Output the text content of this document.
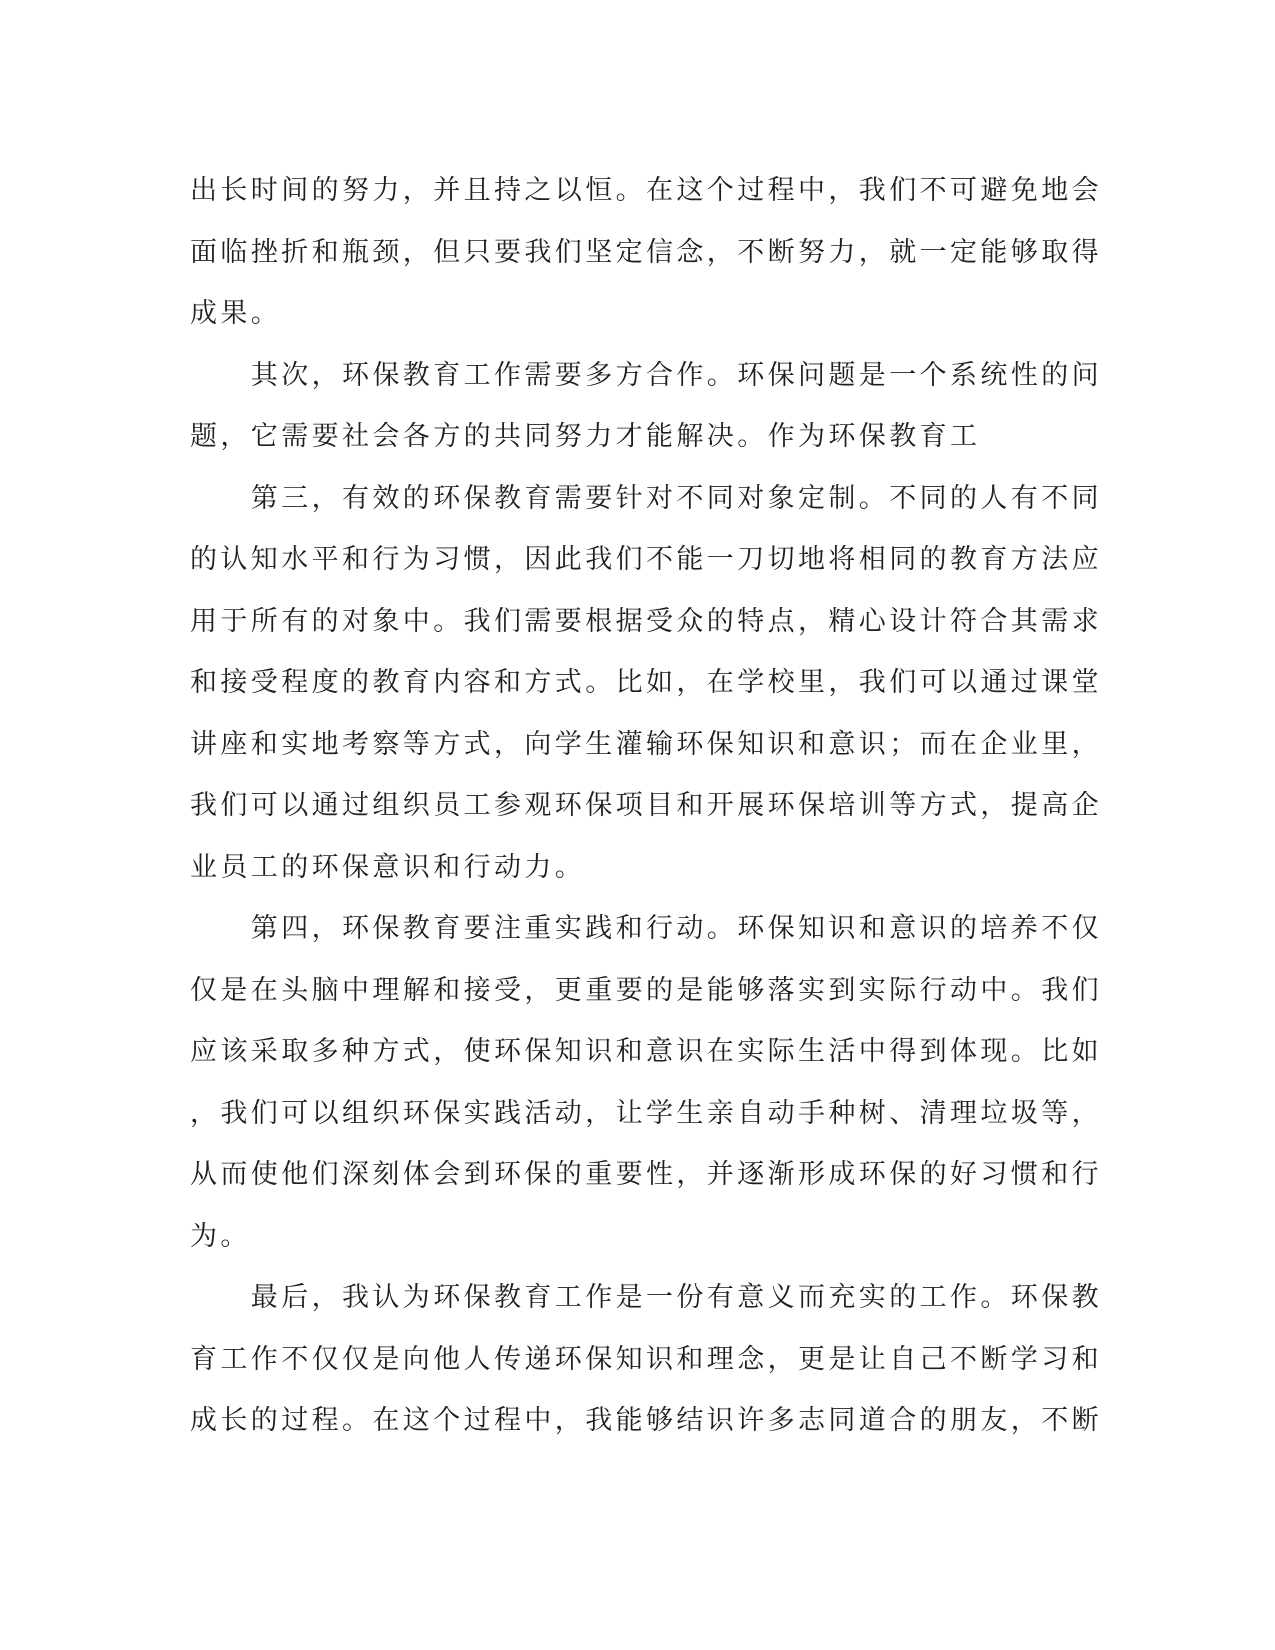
出长时间的努力，并且持之以恒。在这个过程中，我们不可避免地会
面临挫折和瓶颈，但只要我们坚定信念，不断努力，就一定能够取得
成果。
　　其次，环保教育工作需要多方合作。环保问题是一个系统性的问
题，它需要社会各方的共同努力才能解决。作为环保教育工
　　第三，有效的环保教育需要针对不同对象定制。不同的人有不同
的认知水平和行为习惯，因此我们不能一刀切地将相同的教育方法应
用于所有的对象中。我们需要根据受众的特点，精心设计符合其需求
和接受程度的教育内容和方式。比如，在学校里，我们可以通过课堂
讲座和实地考察等方式，向学生灌输环保知识和意识；而在企业里，
我们可以通过组织员工参观环保项目和开展环保培训等方式，提高企
业员工的环保意识和行动力。
　　第四，环保教育要注重实践和行动。环保知识和意识的培养不仅
仅是在头脑中理解和接受，更重要的是能够落实到实际行动中。我们
应该采取多种方式，使环保知识和意识在实际生活中得到体现。比如
，我们可以组织环保实践活动，让学生亲自动手种树、清理垃圾等，
从而使他们深刻体会到环保的重要性，并逐渐形成环保的好习惯和行
为。
　　最后，我认为环保教育工作是一份有意义而充实的工作。环保教
育工作不仅仅是向他人传递环保知识和理念，更是让自己不断学习和
成长的过程。在这个过程中，我能够结识许多志同道合的朋友，不断
